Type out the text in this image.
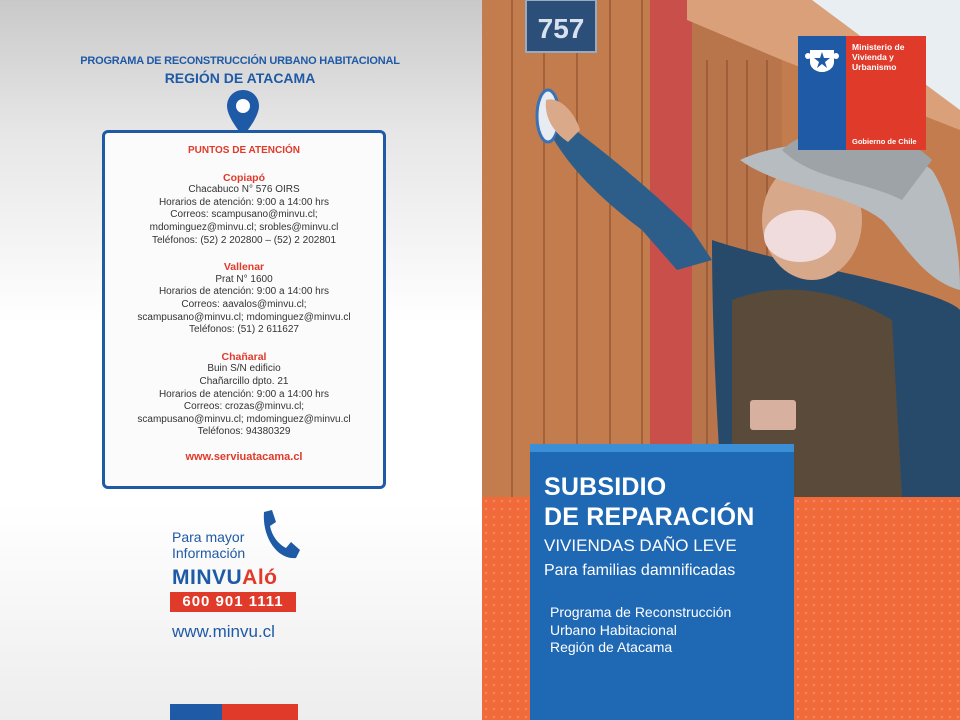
PROGRAMA DE RECONSTRUCCIÓN URBANO HABITACIONAL
REGIÓN DE ATACAMA
PUNTOS DE ATENCIÓN
Copiapó
Chacabuco N° 576 OIRS
Horarios de atención: 9:00 a 14:00 hrs
Correos: scampusano@minvu.cl;
mdominguez@minvu.cl; srobles@minvu.cl
Teléfonos: (52) 2 202800 – (52) 2 202801
Vallenar
Prat N° 1600
Horarios de atención: 9:00 a 14:00 hrs
Correos: aavalos@minvu.cl;
scampusano@minvu.cl; mdominguez@minvu.cl
Teléfonos: (51) 2 611627
Chañaral
Buin S/N edificio
Chañarcillo dpto. 21
Horarios de atención: 9:00 a 14:00 hrs
Correos: crozas@minvu.cl;
scampusano@minvu.cl; mdominguez@minvu.cl
Teléfonos: 94380329
www.serviuatacama.cl
Para mayor
Información
MINVUAló
600 901 1111
www.minvu.cl
757
Ministerio de
Vivienda y
Urbanismo
Gobierno de Chile
SUBSIDIO
DE REPARACIÓN
VIVIENDAS DAÑO LEVE
Para familias damnificadas
Programa de Reconstrucción
Urbano Habitacional
Región de Atacama
